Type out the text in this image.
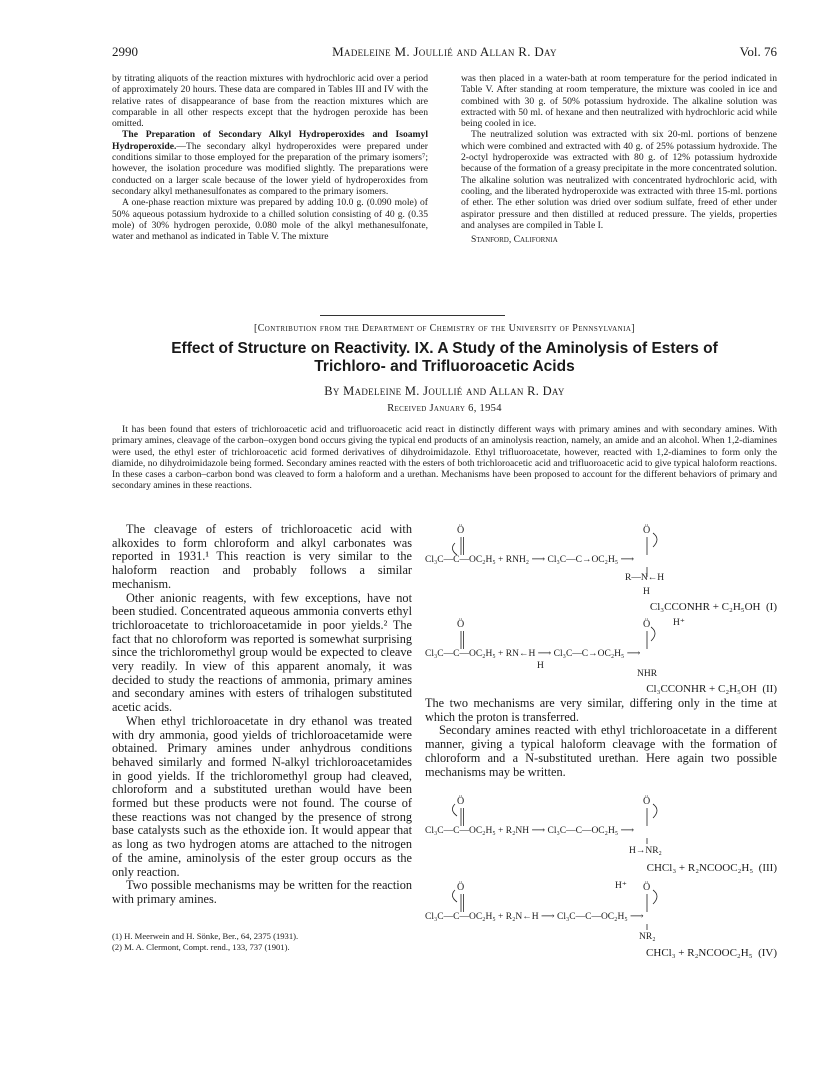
2990	Madeleine M. Joullié and Allan R. Day	Vol. 76

by titrating aliquots of the reaction mixtures with hydrochloric acid over a period of approximately 20 hours. These data are compared in Tables III and IV with the relative rates of disappearance of base from the reaction mixtures which are comparable in all other respects except that the hydrogen peroxide has been omitted.

The Preparation of Secondary Alkyl Hydroperoxides and Isoamyl Hydroperoxide.—The secondary alkyl hydroperoxides were prepared under conditions similar to those employed for the preparation of the primary isomers⁷; however, the isolation procedure was modified slightly. The preparations were conducted on a larger scale because of the lower yield of hydroperoxides from secondary alkyl methanesulfonates as compared to the primary isomers.

A one-phase reaction mixture was prepared by adding 10.0 g. (0.090 mole) of 50% aqueous potassium hydroxide to a chilled solution consisting of 40 g. (0.35 mole) of 30% hydrogen peroxide, 0.080 mole of the alkyl methanesulfonate, water and methanol as indicated in Table V. The mixture

was then placed in a water-bath at room temperature for the period indicated in Table V. After standing at room temperature, the mixture was cooled in ice and combined with 30 g. of 50% potassium hydroxide. The alkaline solution was extracted with 50 ml. of hexane and then neutralized with hydrochloric acid while being cooled in ice.

The neutralized solution was extracted with six 20-ml. portions of benzene which were combined and extracted with 40 g. of 25% potassium hydroxide. The 2-octyl hydroperoxide was extracted with 80 g. of 12% potassium hydroxide because of the formation of a greasy precipitate in the more concentrated solution. The alkaline solution was neutralized with concentrated hydrochloric acid, with cooling, and the liberated hydroperoxide was extracted with three 15-ml. portions of ether. The ether solution was dried over sodium sulfate, freed of ether under aspirator pressure and then distilled at reduced pressure. The yields, properties and analyses are compiled in Table I.

Stanford, California

[Contribution from the Department of Chemistry of the University of Pennsylvania]
Effect of Structure on Reactivity. IX. A Study of the Aminolysis of Esters of
Trichloro- and Trifluoroacetic Acids
By Madeleine M. Joullié and Allan R. Day
Received January 6, 1954

It has been found that esters of trichloroacetic acid and trifluoroacetic acid react in distinctly different ways with primary amines and with secondary amines. With primary amines, cleavage of the carbon–oxygen bond occurs giving the typical end products of an aminolysis reaction, namely, an amide and an alcohol. When 1,2-diamines were used, the ethyl ester of trichloroacetic acid formed derivatives of dihydroimidazole. Ethyl trifluoroacetate, however, reacted with 1,2-diamines to form only the diamide, no dihydroimidazole being formed. Secondary amines reacted with the esters of both trichloroacetic acid and trifluoroacetic acid to give typical haloform reactions. In these cases a carbon–carbon bond was cleaved to form a haloform and a urethan. Mechanisms have been proposed to account for the different behaviors of primary and secondary amines in these reactions.

The cleavage of esters of trichloroacetic acid with alkoxides to form chloroform and alkyl carbonates was reported in 1931.¹ This reaction is very similar to the haloform reaction and probably follows a similar mechanism.

Other anionic reagents, with few exceptions, have not been studied. Concentrated aqueous ammonia converts ethyl trichloroacetate to trichloroacetamide in poor yields.² The fact that no chloroform was reported is somewhat surprising since the trichloromethyl group would be expected to cleave very readily. In view of this apparent anomaly, it was decided to study the reactions of ammonia, primary amines and secondary amines with esters of trihalogen substituted acetic acids.

When ethyl trichloroacetate in dry ethanol was treated with dry ammonia, good yields of trichloroacetamide were obtained. Primary amines under anhydrous conditions behaved similarly and formed N-alkyl trichloroacetamides in good yields. If the trichloromethyl group had cleaved, chloroform and a substituted urethan would have been formed but these products were not found. The course of these reactions was not changed by the presence of strong base catalysts such as the ethoxide ion. It would appear that as long as two hydrogen atoms are attached to the nitrogen of the amine, aminolysis of the ester group occurs as the only reaction.

Two possible mechanisms may be written for the reaction with primary amines.

(1) H. Meerwein and H. Sönke, Ber., 64, 2375 (1931).
(2) M. A. Clermont, Compt. rend., 133, 737 (1901).
Ö	Ö
Cl₃C—C—OC₂H₅ + RNH₂ ⟶ Cl₃C—C→OC₂H₅ ⟶
R—N←H
H
Cl₃CCONHR + C₂H₅OH (I)
Ö	Ö H⁺
Cl₃C—C—OC₂H₅ + RN←H ⟶ Cl₃C—C→OC₂H₅ ⟶
H
NHR
Cl₃CCONHR + C₂H₅OH (II)

The two mechanisms are very similar, differing only in the time at which the proton is transferred.

Secondary amines reacted with ethyl trichloroacetate in a different manner, giving a typical haloform cleavage with the formation of chloroform and a N-substituted urethan. Here again two possible mechanisms may be written.

Ö	Ö
Cl₃C—C—OC₂H₅ + R₂NH ⟶ Cl₃C—C—OC₂H₅ ⟶
H→NR₂
CHCl₃ + R₂NCOOC₂H₅ (III)
Ö	Ö
H⁺
Cl₃C—C—OC₂H₅ + R₂N←H ⟶ Cl₃C—C—OC₂H₅ ⟶
NR₂
CHCl₃ + R₂NCOOC₂H₅ (IV)
